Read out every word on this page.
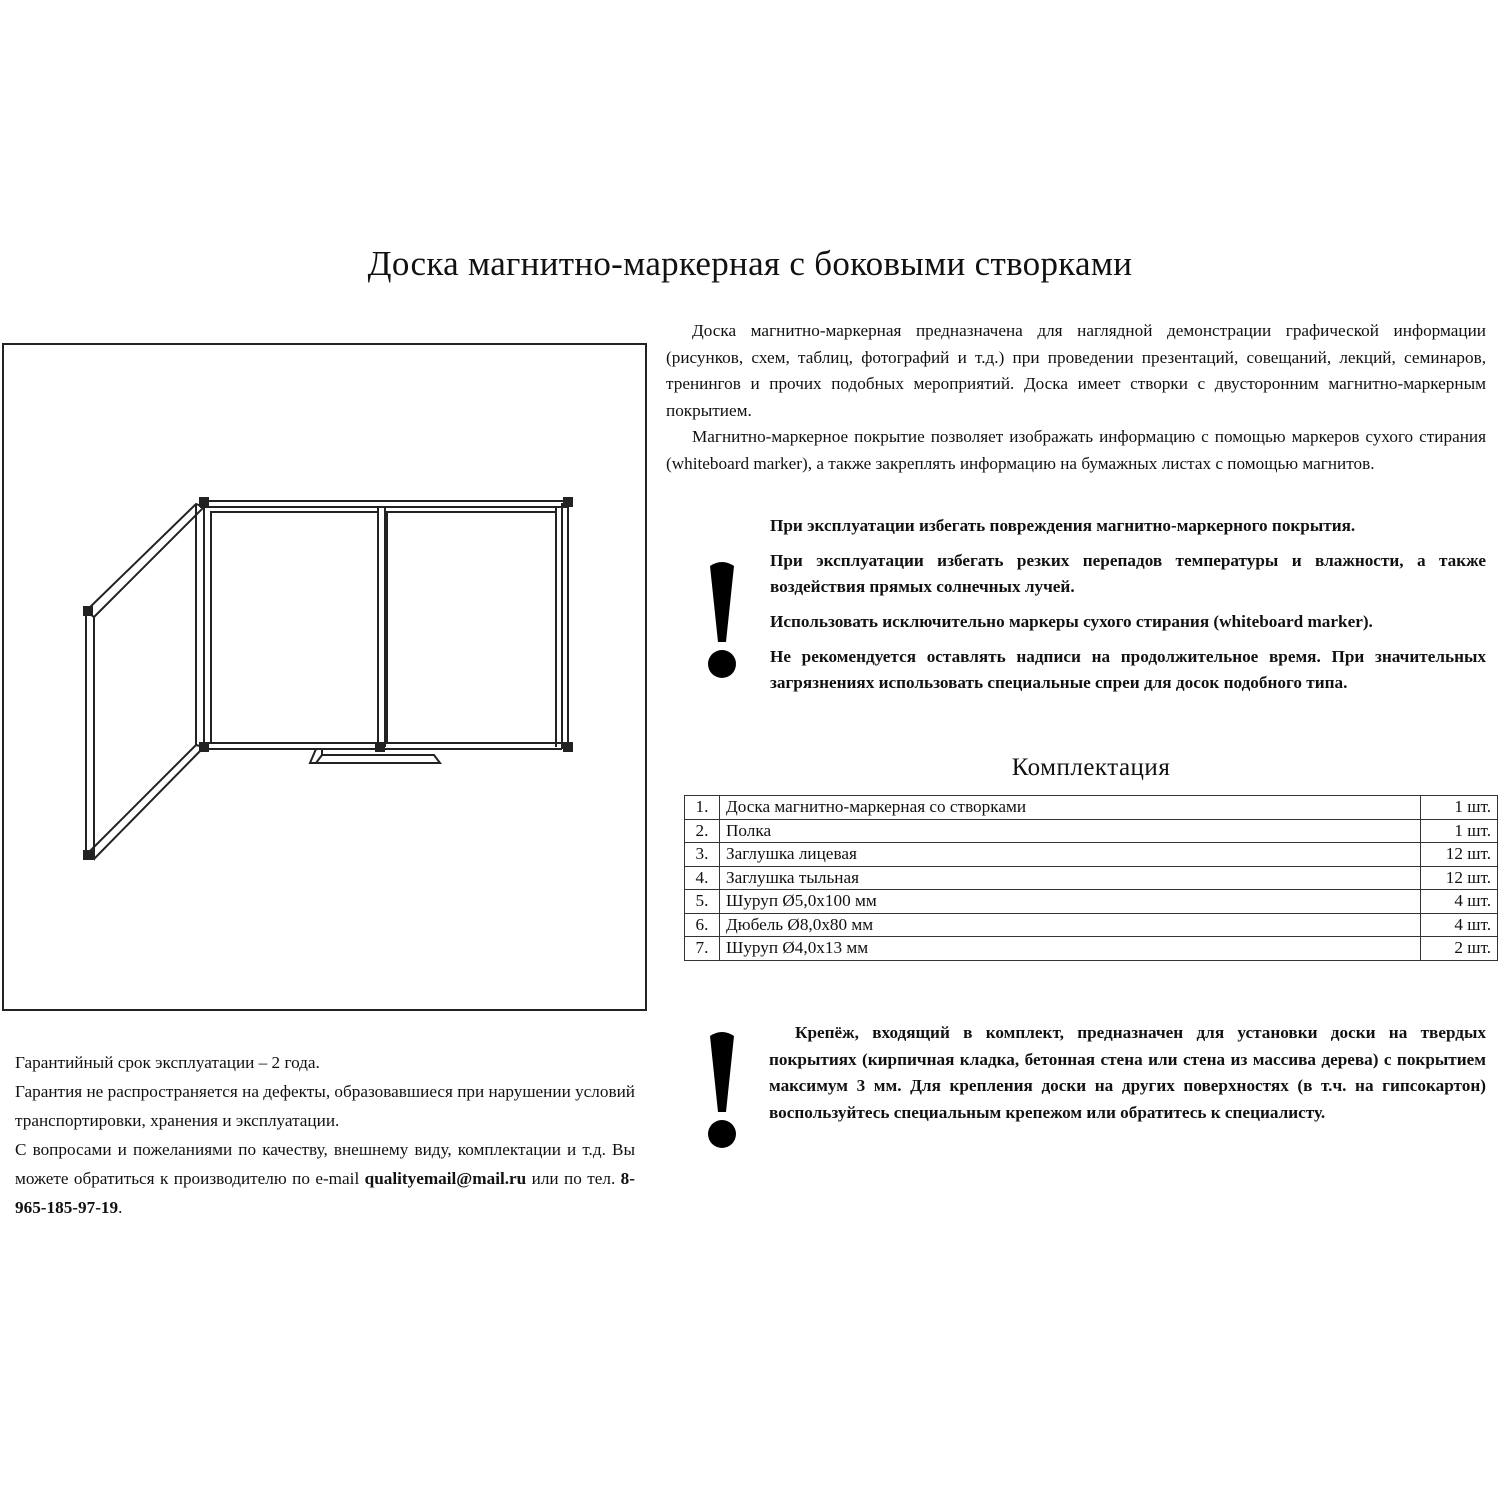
Доска магнитно-маркерная с боковыми створками

Доска магнитно-маркерная предназначена для наглядной демонстрации графической информации (рисунков, схем, таблиц, фотографий и т.д.) при проведении презентаций, совещаний, лекций, семинаров, тренингов и прочих подобных мероприятий. Доска имеет створки с двусторонним магнитно-маркерным покрытием.

Магнитно-маркерное покрытие позволяет изображать информацию с помощью маркеров сухого стирания (whiteboard marker), а также закреплять информацию на бумажных листах с помощью магнитов.

При эксплуатации избегать повреждения магнитно-маркерного покрытия.

При эксплуатации избегать резких перепадов температуры и влажности, а также воздействия прямых солнечных лучей.

Использовать исключительно маркеры сухого стирания (whiteboard marker).

Не рекомендуется оставлять надписи на продолжительное время. При значительных загрязнениях использовать специальные спреи для досок подобного типа.

Комплектация
1.	Доска магнитно-маркерная со створками	1 шт.
2.	Полка	1 шт.
3.	Заглушка лицевая	12 шт.
4.	Заглушка тыльная	12 шт.
5.	Шуруп Ø5,0х100 мм	4 шт.
6.	Дюбель Ø8,0х80 мм	4 шт.
7.	Шуруп Ø4,0х13 мм	2 шт.

Гарантийный срок эксплуатации – 2 года.

Гарантия не распространяется на дефекты, образовавшиеся при нарушении условий транспортировки, хранения и эксплуатации.

С вопросами и пожеланиями по качеству, внешнему виду, комплектации и т.д. Вы можете обратиться к производителю по e-mail qualityemail@mail.ru или по тел. 8-965-185-97-19.

Крепёж, входящий в комплект, предназначен для установки доски на твердых покрытиях (кирпичная кладка, бетонная стена или стена из массива дерева) с покрытием максимум 3 мм. Для крепления доски на других поверхностях (в т.ч. на гипсокартон) воспользуйтесь специальным крепежом или обратитесь к специалисту.
